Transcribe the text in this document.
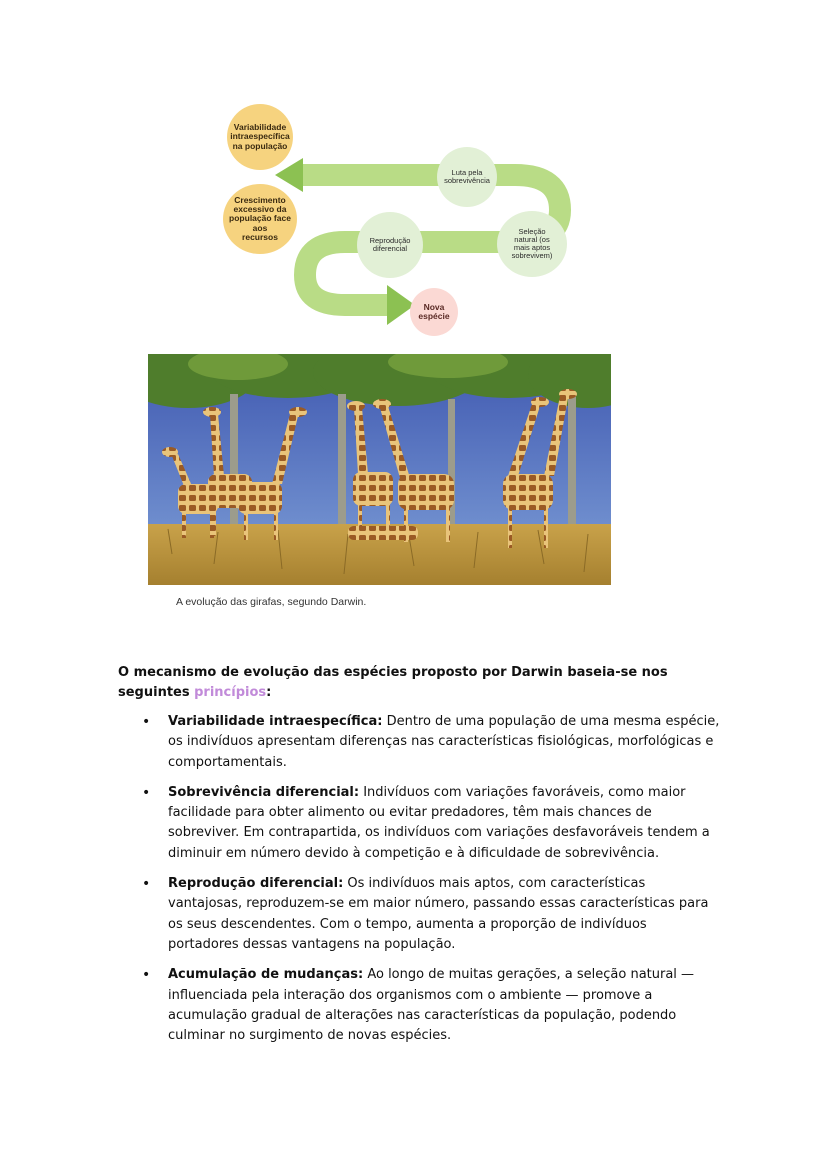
Variabilidade
intraespecífica
na população
Crescimento
excessivo da
população face aos
recursos
Luta pela
sobrevivência
Seleção
natural (os
mais aptos
sobrevivem)
Reprodução
diferencial
Nova
espécie
A evolução das girafas, segundo Darwin.
O mecanismo de evolução das espécies proposto por Darwin baseia-se nos seguintes princípios:
• Variabilidade intraespecífica: Dentro de uma população de uma mesma espécie, os indivíduos apresentam diferenças nas características fisiológicas, morfológicas e comportamentais.
• Sobrevivência diferencial: Indivíduos com variações favoráveis, como maior facilidade para obter alimento ou evitar predadores, têm mais chances de sobreviver. Em contrapartida, os indivíduos com variações desfavoráveis tendem a diminuir em número devido à competição e à dificuldade de sobrevivência.
• Reprodução diferencial: Os indivíduos mais aptos, com características vantajosas, reproduzem-se em maior número, passando essas características para os seus descendentes. Com o tempo, aumenta a proporção de indivíduos portadores dessas vantagens na população.
• Acumulação de mudanças: Ao longo de muitas gerações, a seleção natural — influenciada pela interação dos organismos com o ambiente — promove a acumulação gradual de alterações nas características da população, podendo culminar no surgimento de novas espécies.
